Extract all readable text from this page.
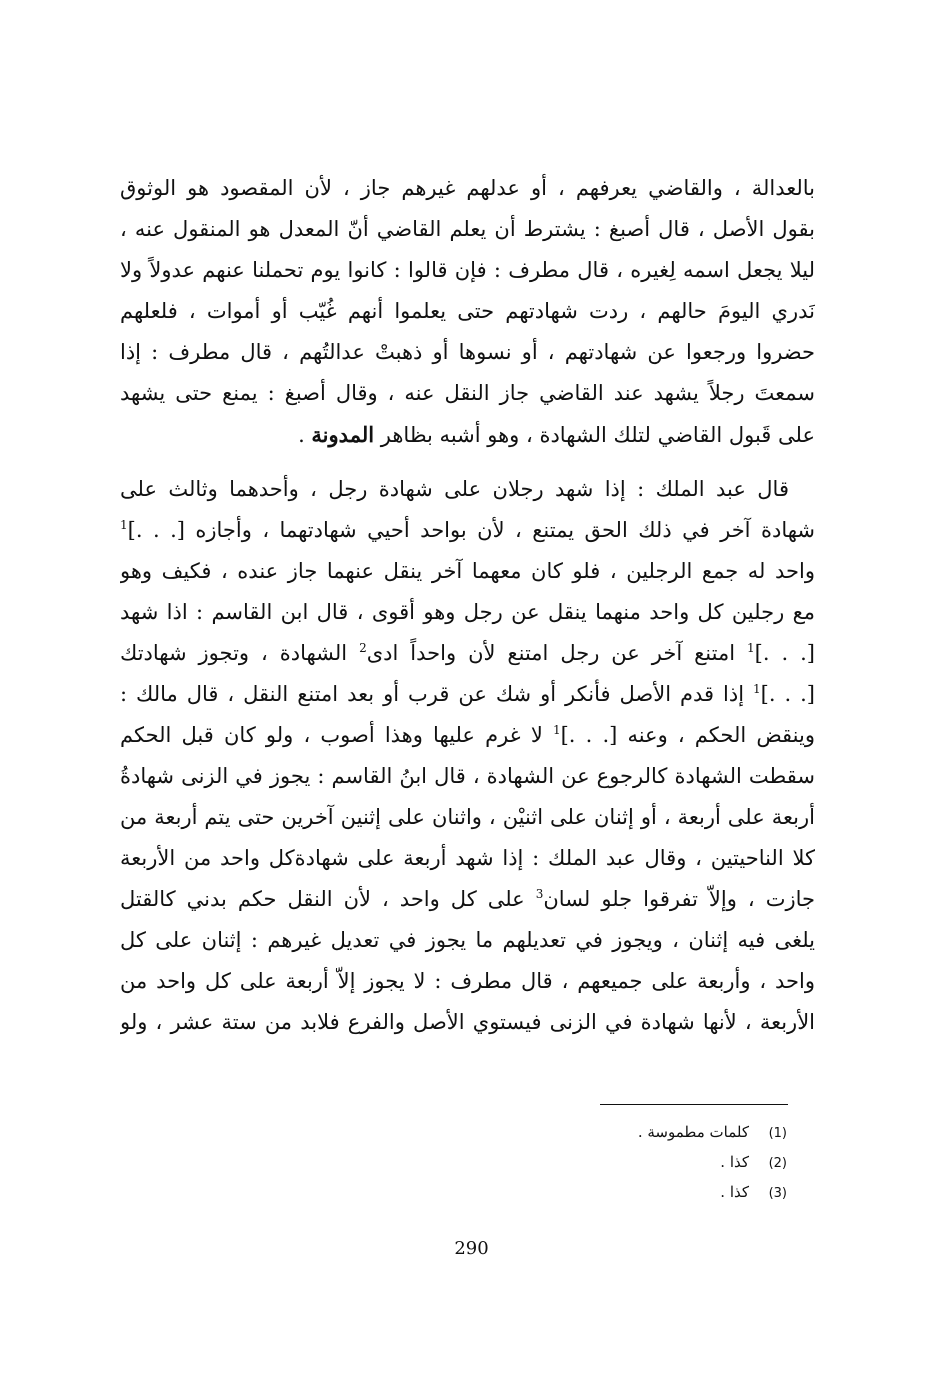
بالعدالة ، والقاضي يعرفهم ، أو عدلهم غيرهم جاز ، لأن المقصود هو الوثوق
بقول الأصل ، قال أصبغ : يشترط أن يعلم القاضي أنّ المعدل هو المنقول عنه ،
ليلا يجعل اسمه لِغيره ، قال مطرف : فإن قالوا : كانوا يوم تحملنا عنهم عدولاً ولا
نَدري اليومَ حالهم ، ردت شهادتهم حتى يعلموا أنهم غُيّب أو أموات ، فلعلهم
حضروا ورجعوا عن شهادتهم ، أو نسوها أو ذهبتْ عدالتُهم ، قال مطرف : إذا
سمعتَ رجلاً يشهد عند القاضي جاز النقل عنه ، وقال أصبغ : يمنع حتى يشهد
على قَبول القاضي لتلك الشهادة ، وهو أشبه بظاهر المدونة .
قال عبد الملك : إذا شهد رجلان على شهادة رجل ، وأحدهما وثالث على
شهادة آخر في ذلك الحق يمتنع ، لأن بواحد أحيي شهادتهما ، وأجازه [. . .]$^1$
واحد له جمع الرجلين ، فلو كان معهما آخر ينقل عنهما جاز عنده ، فكيف وهو
مع رجلين كل واحد منهما ينقل عن رجل وهو أقوى ، قال ابن القاسم : اذا شهد
[. . .]$^1$ امتنع آخر عن رجل امتنع لأن واحداً ادى$^2$ الشهادة ، وتجوز شهادتك
[. . .]$^1$ إذا قدم الأصل فأنكر أو شك عن قرب أو بعد امتنع النقل ، قال مالك :
وينقض الحكم ، وعنه [. . .]$^1$ لا غرم عليها وهذا أصوب ، ولو كان قبل الحكم
سقطت الشهادة كالرجوع عن الشهادة ، قال ابنُ القاسم : يجوز في الزنى شهادةُ
أربعة على أربعة ، أو إثنان على اثنيْن ، واثنان على إثنين آخرين حتى يتم أربعة من
كلا الناحيتين ، وقال عبد الملك : إذا شهد أربعة على شهادةكل واحد من الأربعة
جازت ، وإلاّ تفرقوا جلو لسان$^3$ على كل واحد ، لأن النقل حكم بدني كالقتل
يلغى فيه إثنان ، ويجوز في تعديلهم ما يجوز في تعديل غيرهم : إثنان على كل
واحد ، وأربعة على جميعهم ، قال مطرف : لا يجوز إلاّ أربعة على كل واحد من
الأربعة ، لأنها شهادة في الزنى فيستوي الأصل والفرع فلابد من ستة عشر ، ولو
(1)كلمات مطموسة .
(2)كذا .
(3)كذا .
290
